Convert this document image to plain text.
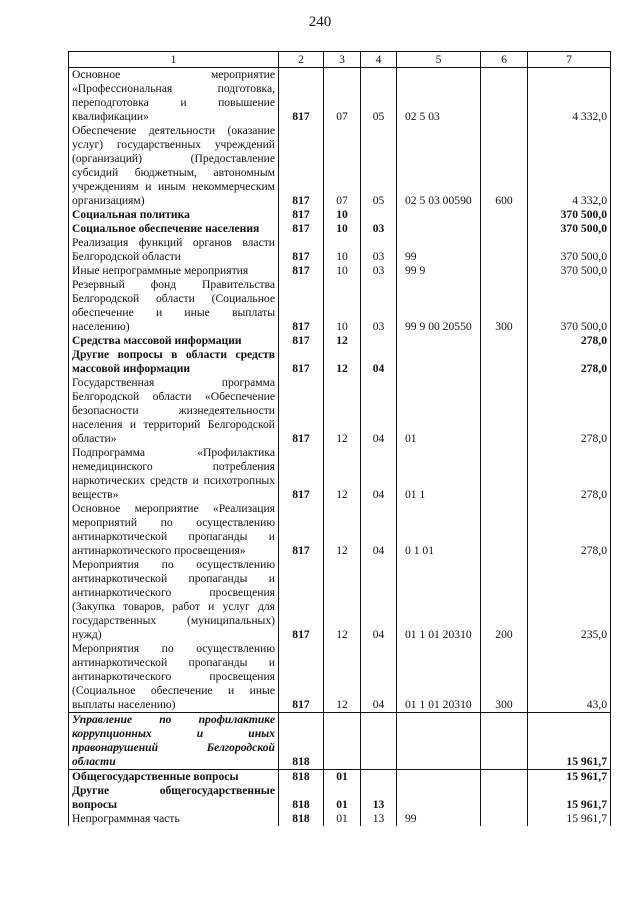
240
1	2	3	4	5	6	7
Основное мероприятие «Профессиональная подготовка, переподготовка и повышение квалификации»	817	07	05	02 5 03		4 332,0
Обеспечение деятельности (оказание услуг) государственных учреждений (организаций) (Предоставление субсидий бюджетным, автономным учреждениям и иным некоммерческим организациям)	817	07	05	02 5 03 00590	600	4 332,0
Социальная политика	817	10				370 500,0
Социальное обеспечение населения	817	10	03			370 500,0
Реализация функций органов власти Белгородской области	817	10	03	99		370 500,0
Иные непрограммные мероприятия	817	10	03	99 9		370 500,0
Резервный фонд Правительства Белгородской области (Социальное обеспечение и иные выплаты населению)	817	10	03	99 9 00 20550	300	370 500,0
Средства массовой информации	817	12				278,0
Другие вопросы в области средств массовой информации	817	12	04			278,0
Государственная программа Белгородской области «Обеспечение безопасности жизнедеятельности населения и территорий Белгородской области»	817	12	04	01		278,0
Подпрограмма «Профилактика немедицинского потребления наркотических средств и психотропных веществ»	817	12	04	01 1		278,0
Основное мероприятие «Реализация мероприятий по осуществлению антинаркотической пропаганды и антинаркотического просвещения»	817	12	04	0 1 01		278,0
Мероприятия по осуществлению антинаркотической пропаганды и антинаркотического просвещения (Закупка товаров, работ и услуг для государственных (муниципальных) нужд)	817	12	04	01 1 01 20310	200	235,0
Мероприятия по осуществлению антинаркотической пропаганды и антинаркотического просвещения (Социальное обеспечение и иные выплаты населению)	817	12	04	01 1 01 20310	300	43,0
Управление по профилактике коррупционных и иных правонарушений Белгородской области	818					15 961,7
Общегосударственные вопросы	818	01				15 961,7
Другие общегосударственные вопросы	818	01	13			15 961,7
Непрограммная часть	818	01	13	99		15 961,7
